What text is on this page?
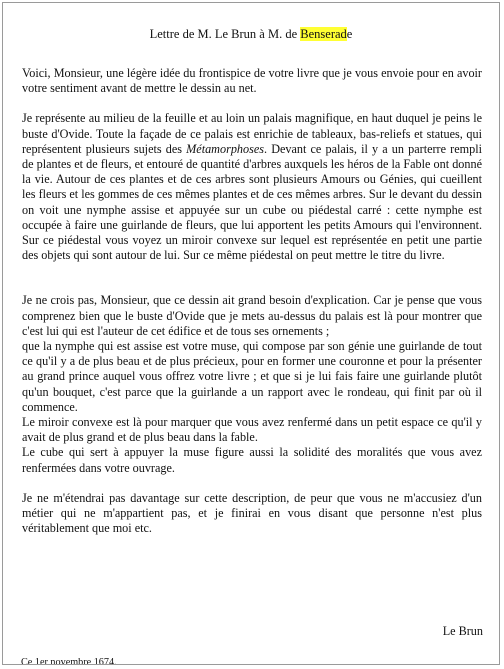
Lettre de M. Le Brun à M. de Benserade

Voici, Monsieur, une légère idée du frontispice de votre livre que je vous envoie pour en avoir votre sentiment avant de mettre le dessin au net.

Je représente au milieu de la feuille et au loin un palais magnifique, en haut duquel je peins le buste d'Ovide. Toute la façade de ce palais est enrichie de tableaux, bas-reliefs et statues, qui représentent plusieurs sujets des Métamorphoses. Devant ce palais, il y a un parterre rempli de plantes et de fleurs, et entouré de quantité d'arbres auxquels les héros de la Fable ont donné la vie. Autour de ces plantes et de ces arbres sont plusieurs Amours ou Génies, qui cueillent les fleurs et les gommes de ces mêmes plantes et de ces mêmes arbres. Sur le devant du dessin on voit une nymphe assise et appuyée sur un cube ou piédestal carré : cette nymphe est occupée à faire une guirlande de fleurs, que lui apportent les petits Amours qui l'environnent. Sur ce piédestal vous voyez un miroir convexe sur lequel est représentée en petit une partie des objets qui sont autour de lui. Sur ce même piédestal on peut mettre le titre du livre.

Je ne crois pas, Monsieur, que ce dessin ait grand besoin d'explication. Car je pense que vous comprenez bien que le buste d'Ovide que je mets au-dessus du palais est là pour montrer que c'est lui qui est l'auteur de cet édifice et de tous ses ornements ;

que la nymphe qui est assise est votre muse, qui compose par son génie une guirlande de tout ce qu'il y a de plus beau et de plus précieux, pour en former une couronne et pour la présenter au grand prince auquel vous offrez votre livre ; et que si je lui fais faire une guirlande plutôt qu'un bouquet, c'est parce que la guirlande a un rapport avec le rondeau, qui finit par où il commence.

Le miroir convexe est là pour marquer que vous avez renfermé dans un petit espace ce qu'il y avait de plus grand et de plus beau dans la fable.

Le cube qui sert à appuyer la muse figure aussi la solidité des moralités que vous avez renfermées dans votre ouvrage.

Je ne m'étendrai pas davantage sur cette description, de peur que vous ne m'accusiez d'un métier qui ne m'appartient pas, et je finirai en vous disant que personne n'est plus véritablement que moi etc.

Le Brun
Ce 1er novembre 1674.
